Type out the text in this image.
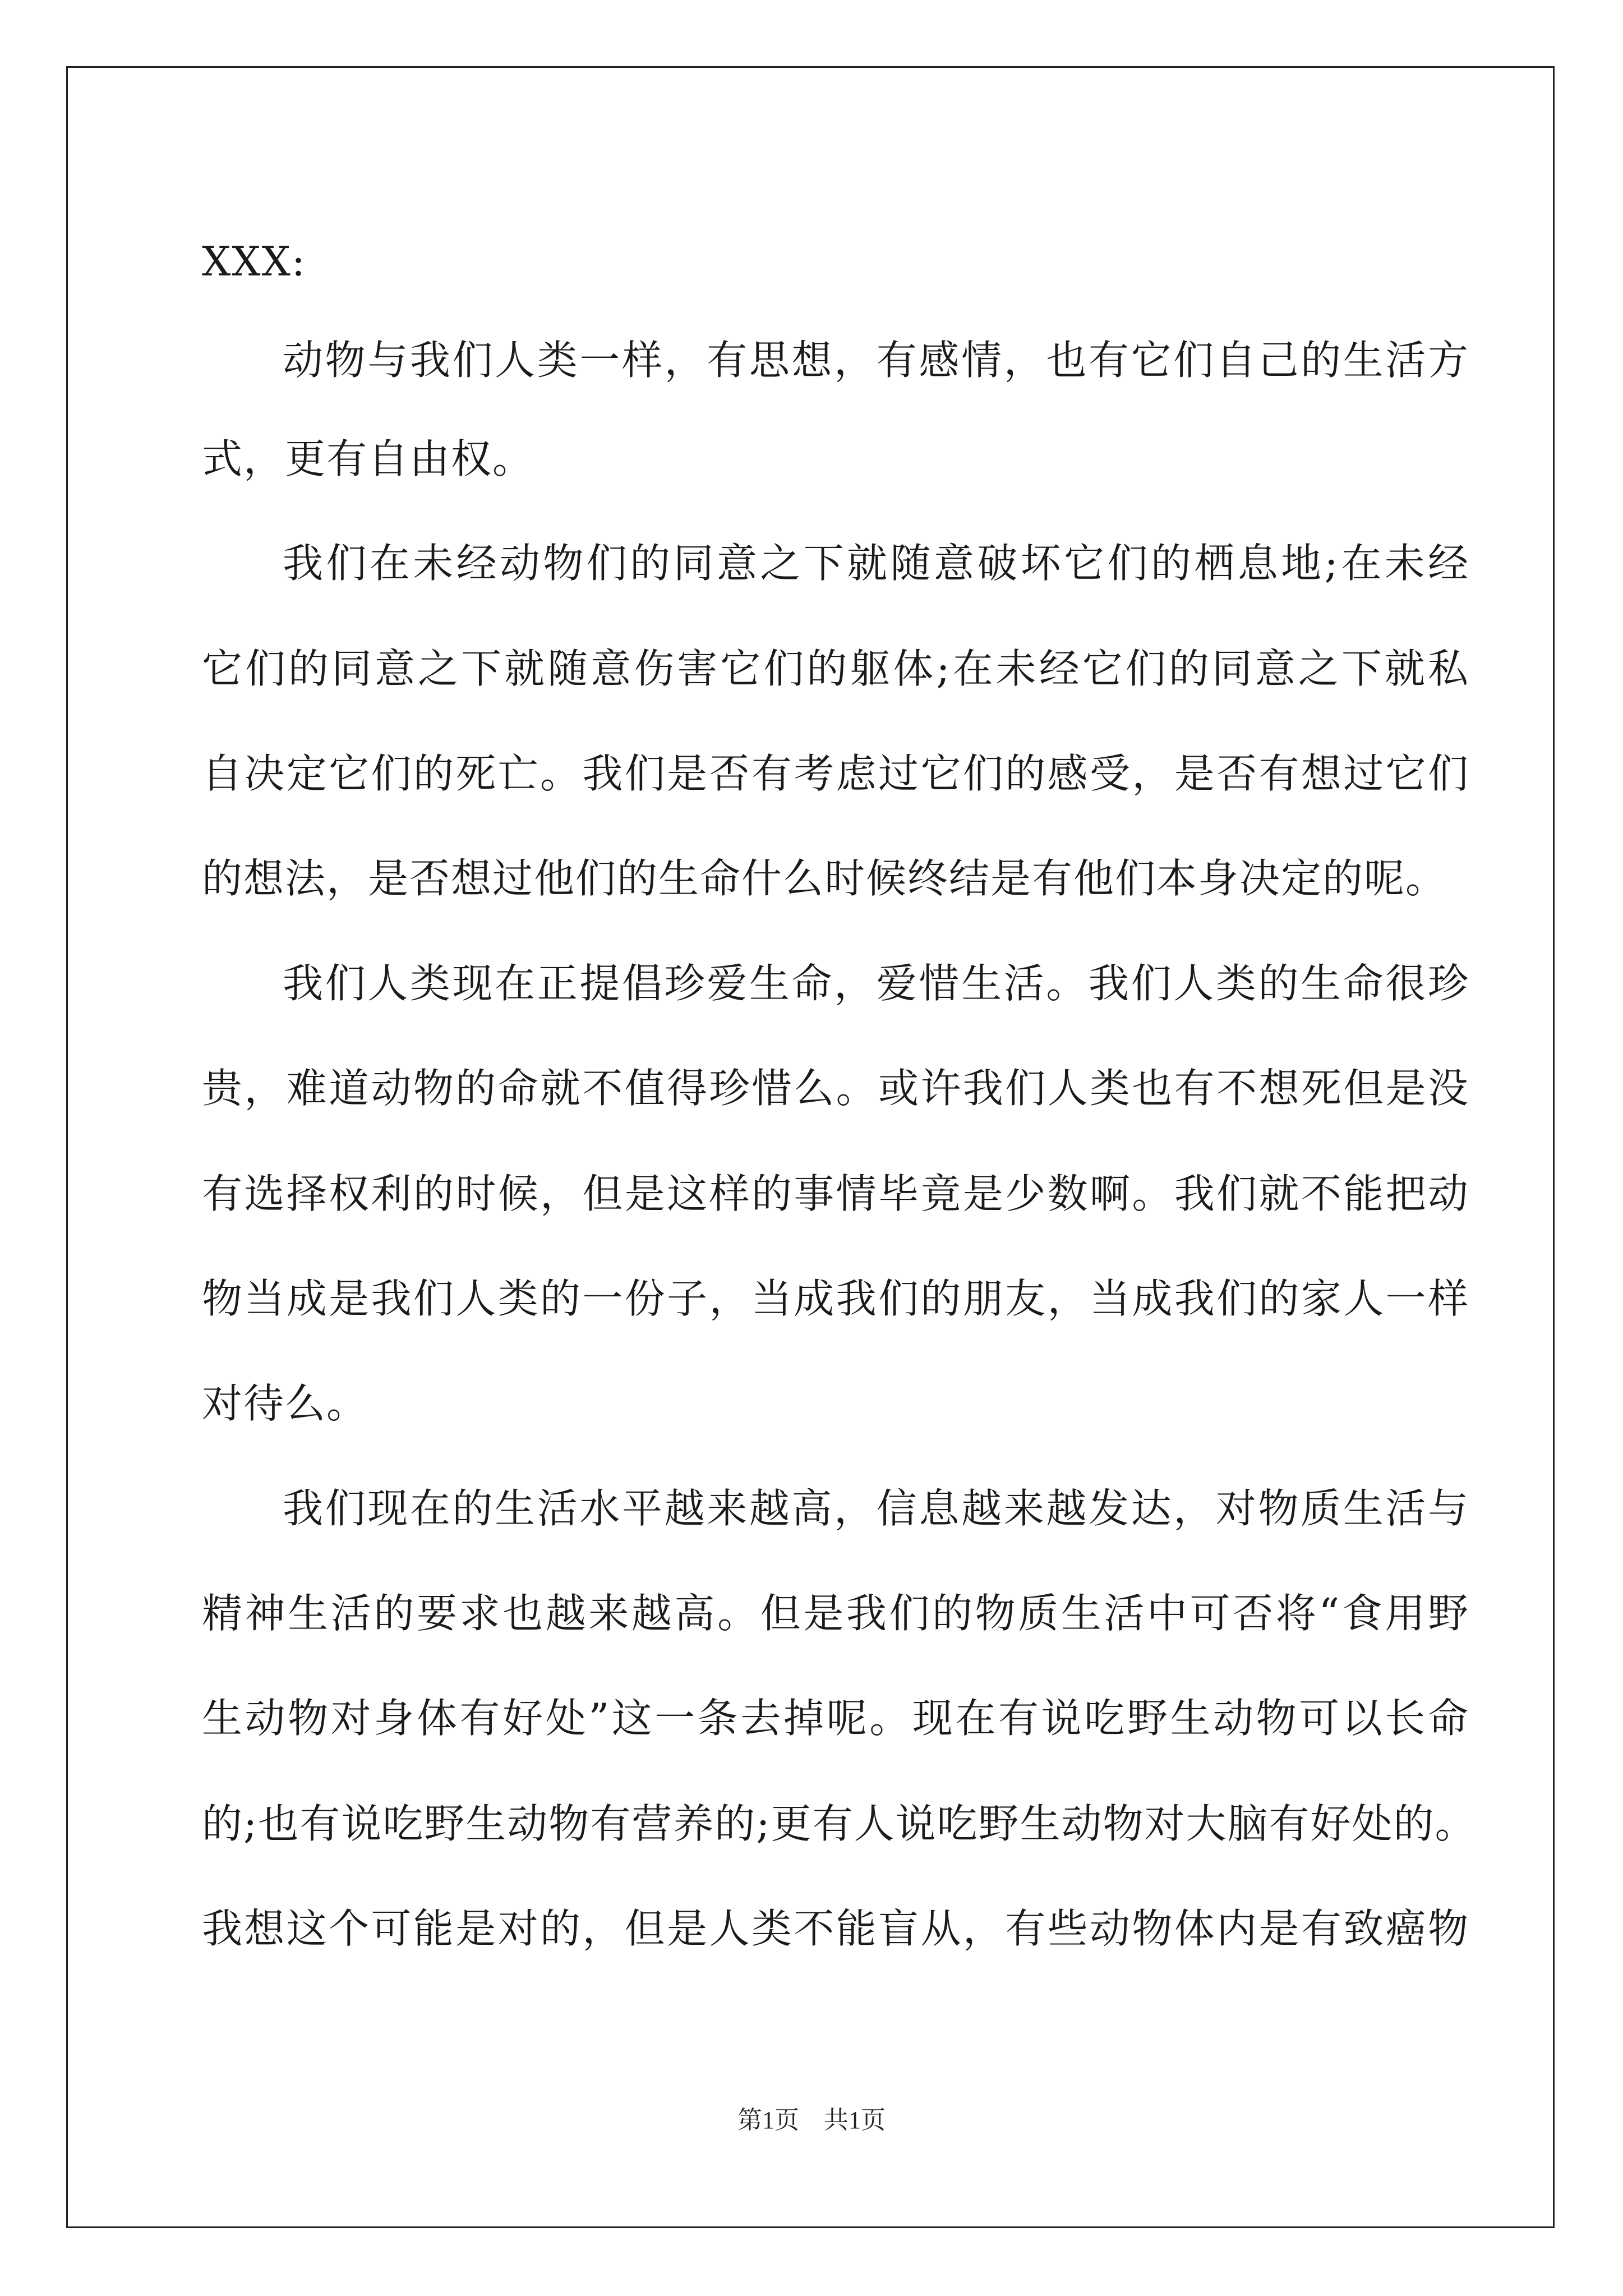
XXX:
动物与我们人类一样，有思想，有感情，也有它们自己的生活方
式，更有自由权。
我们在未经动物们的同意之下就随意破坏它们的栖息地;在未经
它们的同意之下就随意伤害它们的躯体;在未经它们的同意之下就私
自决定它们的死亡。我们是否有考虑过它们的感受，是否有想过它们
的想法，是否想过他们的生命什么时候终结是有他们本身决定的呢。
我们人类现在正提倡珍爱生命，爱惜生活。我们人类的生命很珍
贵，难道动物的命就不值得珍惜么。或许我们人类也有不想死但是没
有选择权利的时候，但是这样的事情毕竟是少数啊。我们就不能把动
物当成是我们人类的一份子，当成我们的朋友，当成我们的家人一样
对待么。
我们现在的生活水平越来越高，信息越来越发达，对物质生活与
精神生活的要求也越来越高。但是我们的物质生活中可否将“食用野
生动物对身体有好处”这一条去掉呢。现在有说吃野生动物可以长命
的;也有说吃野生动物有营养的;更有人说吃野生动物对大脑有好处的。
我想这个可能是对的，但是人类不能盲从，有些动物体内是有致癌物
第1页　共1页
